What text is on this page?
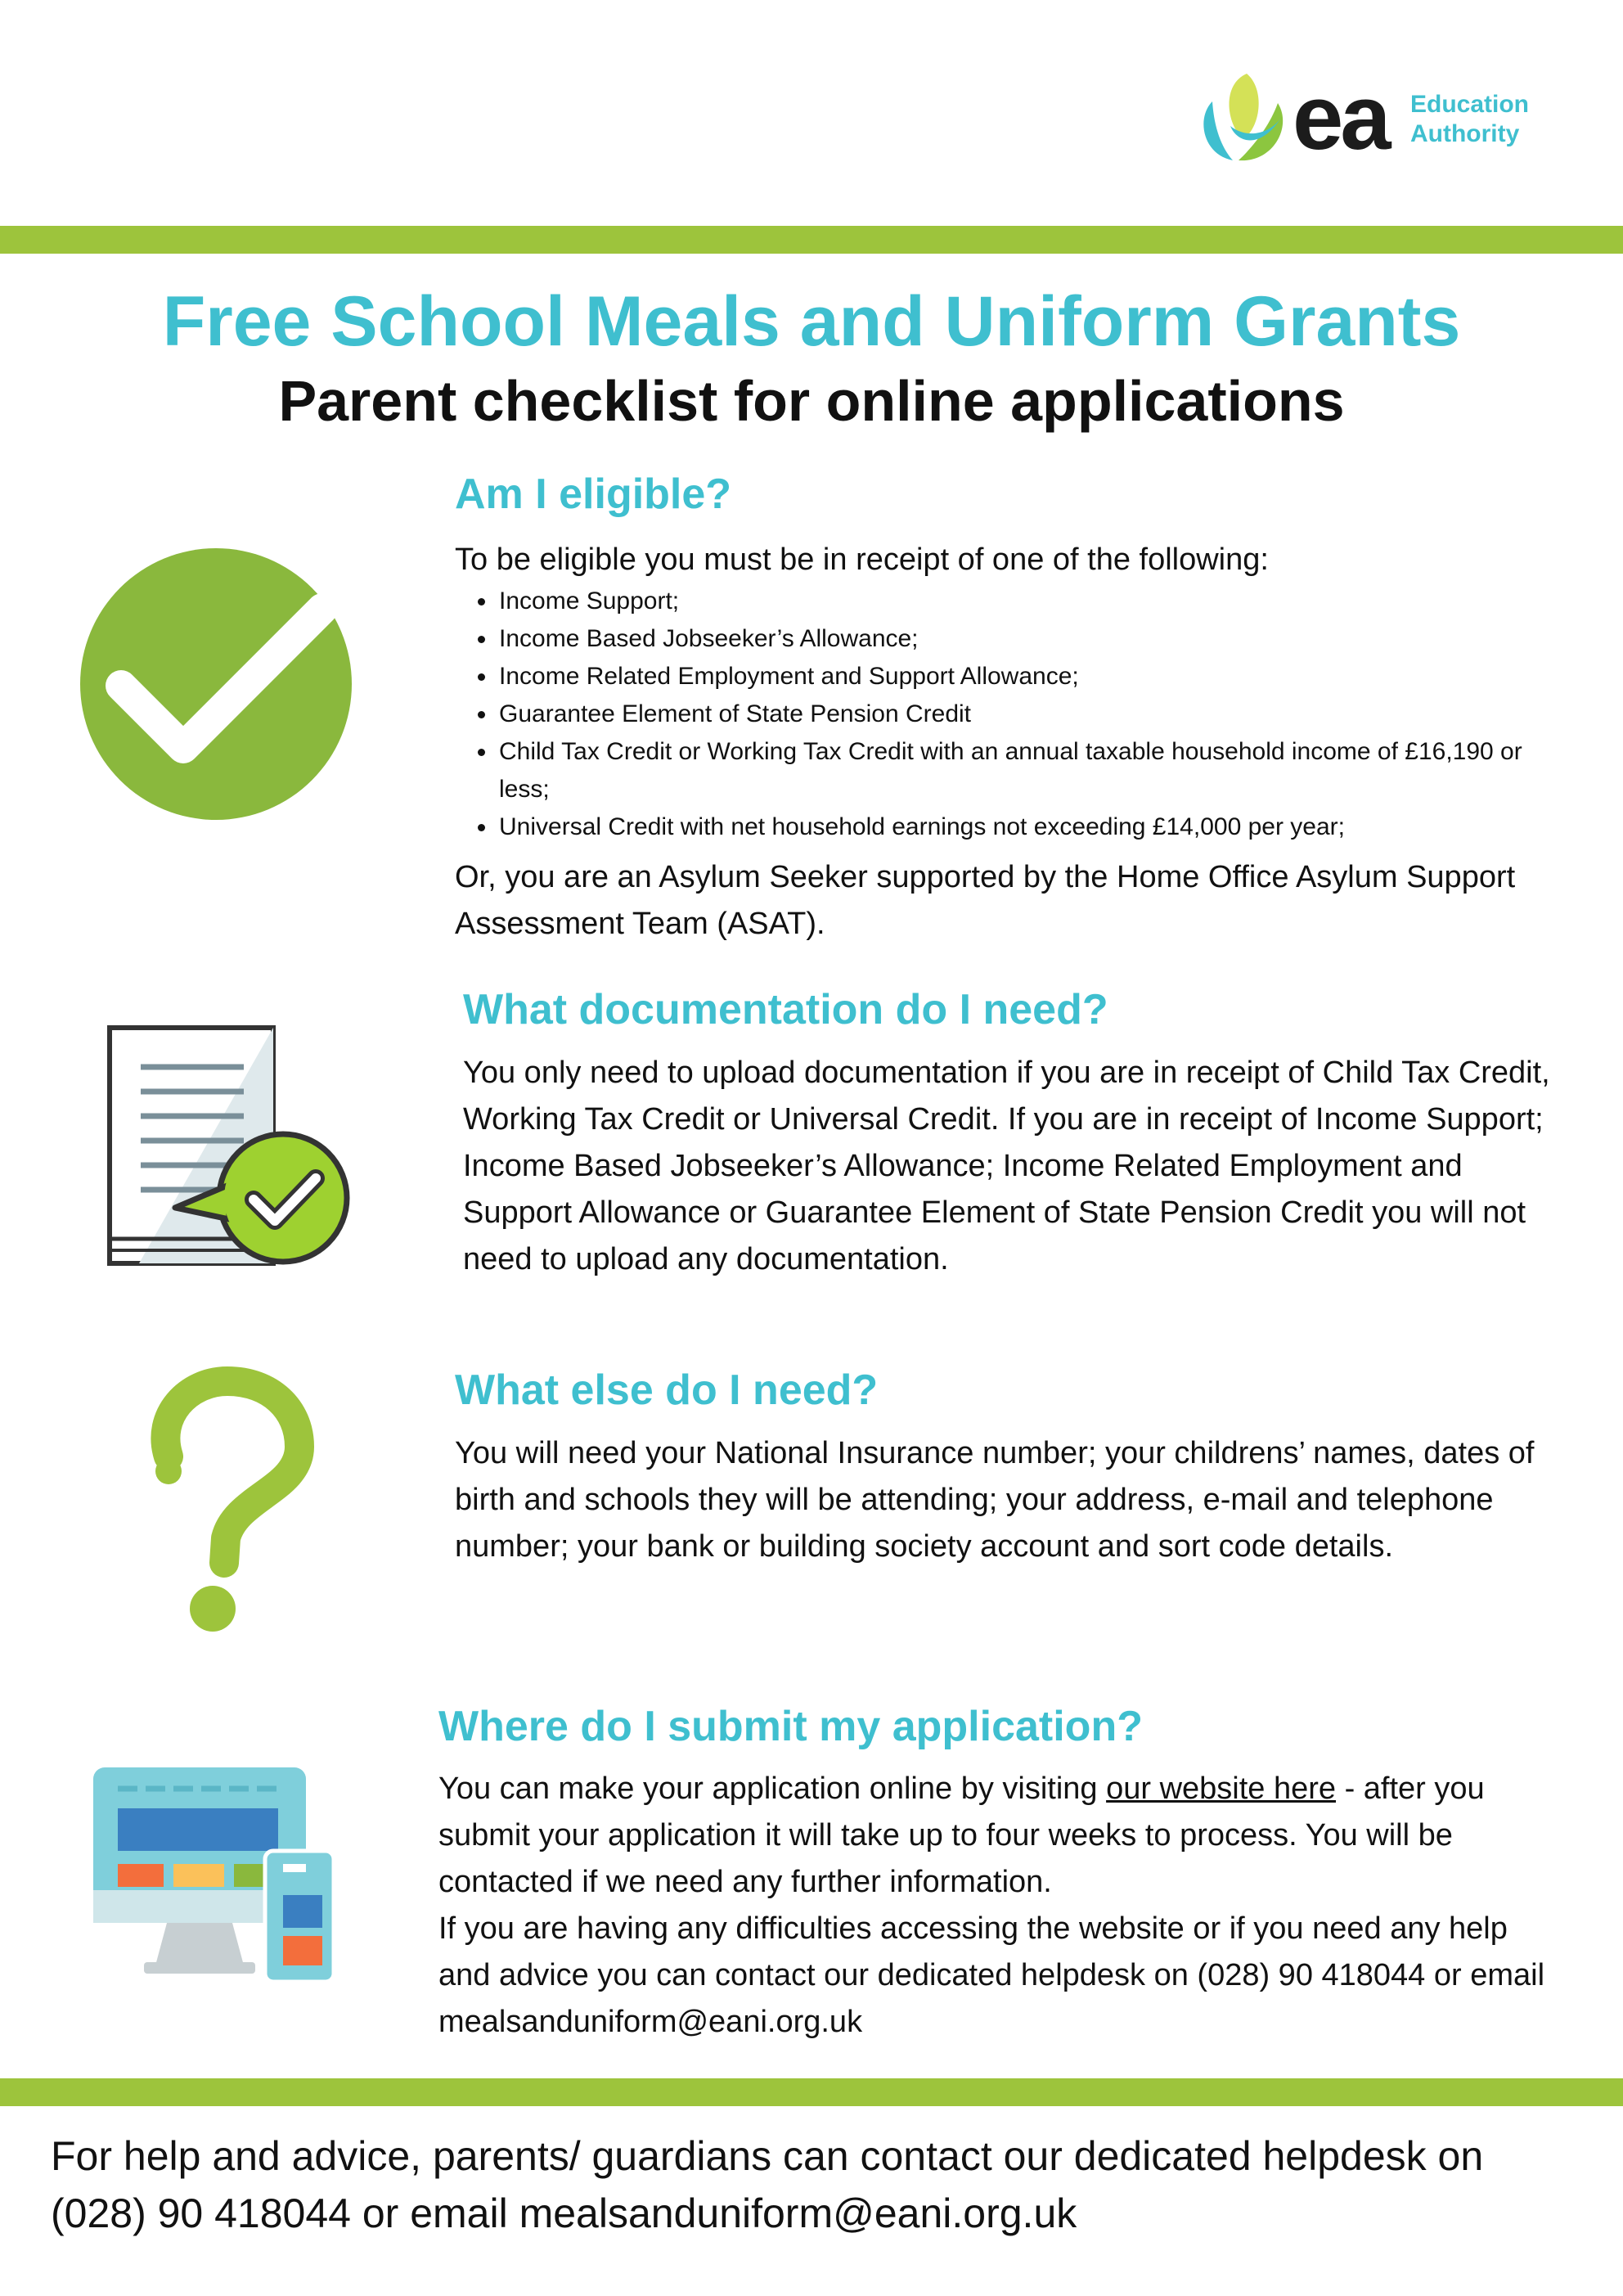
ea Education
Authority
Free School Meals and Uniform Grants
Parent checklist for online applications
Am I eligible?

To be eligible you must be in receipt of one of the following:

Income Support;
Income Based Jobseeker’s Allowance;
Income Related Employment and Support Allowance;
Guarantee Element of State Pension Credit
Child Tax Credit or Working Tax Credit with an annual taxable household income of £16,190 or less;
Universal Credit with net household earnings not exceeding £14,000 per year;

Or, you are an Asylum Seeker supported by the Home Office Asylum Support Assessment Team (ASAT).

What documentation do I need?

You only need to upload documentation if you are in receipt of Child Tax Credit, Working Tax Credit or Universal Credit. If you are in receipt of Income Support; Income Based Jobseeker’s Allowance; Income Related Employment and Support Allowance or Guarantee Element of State Pension Credit you will not need to upload any documentation.

What else do I need?

You will need your National Insurance number; your childrens’ names, dates of birth and schools they will be attending; your address, e-mail and telephone number; your bank or building society account and sort code details.

Where do I submit my application?

You can make your application online by visiting our website here - after you submit your application it will take up to four weeks to process. You will be contacted if we need any further information.

If you are having any difficulties accessing the website or if you need any help and advice you can contact our dedicated helpdesk on (028) 90 418044 or email mealsanduniform@eani.org.uk

For help and advice, parents/ guardians can contact our dedicated helpdesk on (028) 90 418044 or email mealsanduniform@eani.org.uk
